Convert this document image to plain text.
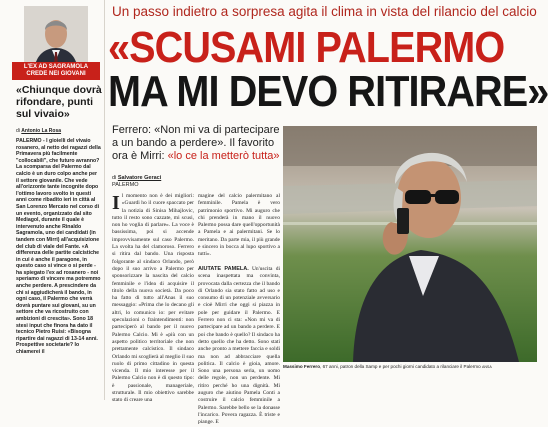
L'EX AD SAGRAMOLA
CREDE NEI GIOVANI
«Chiunque dovrà rifondare, punti sul vivaio»
di Antonio La Rosa
PALERMO - I gioielli del vivaio rosanero, al netto dei ragazzi della Primavera più facilmente "collocabili", che futuro avranno? La scomparsa del Palermo dal calcio è un duro colpo anche per il settore giovanile. Che vede all'orizzonte tante incognite dopo l'ottimo lavoro svolto in questi anni come ribadito ieri in città al San Lorenzo Mercato nel corso di un evento, organizzato dal sito Mediagol, durante il quale è intervenuto anche Rinaldo Sagramola, uno dei candidati (in tandem con Mirri) all'acquisizione del club di viale del Fante. «A differenza delle partite calcistiche in cui è anche il paragone, in questo caso si vince o si perde - ha spiegato l'ex ad rosanero - noi speriamo di vincere ma potremmo anche perdere. A prescindere da chi si aggiudicherà il bando, in ogni caso, il Palermo che verrà dovrà puntare sui giovani, su un settore che va ricostruito con ambizioni di crescita». Sono 18 stesi input che finora ha dato il tecnico Pietro Ruisi: «Bisogna ripartire dai ragazzi di 13-14 anni. Prospettive societarie? Io chiamerei il
Un passo indietro a sorpresa agita il clima in vista del rilancio del calcio
«SCUSAMI PALERMO
MA MI DEVO RITIRARE»
Ferrero: «Non mi va di partecipare a un bando a perdere». Il favorito ora è Mirri: «lo ce la metterò tutta»
Massimo Ferrero, 67 anni, patron della Samp e per pochi giorni candidato a rilanciare il Palermo ANSA
di Salvatore Geraci
PALERMO
Il momento non è dei migliori: «Guardi ho il cuore spaccato per la notizia di Sinisa Mihajlovic, tutto il resto sono cazzate, mi scusi, non ho voglia di parlare». La voce è bassissima, poi si accende improvvisamente sul caso Palermo. La svolta ha del clamoroso. Ferrero si ritira dal bando. Una risposta folgorante al sindaco Orlando, però dopo il suo arrivo a Palermo per sponsorizzare la nascita del calcio femminile e l'idea di acquisire il titolo della nuova società. Da poco ha fatto di tutto all'Anas il suo messaggio: «Prima che lo decano gli altri, lo comunico io: per evitare speculazioni o fraintendimenti: non parteciperò al bando per il nuovo Palermo Calcio. Mi è «più con un aspetto politico territoriale che non prettamente calcistico. Il sindaco Orlando mi scoglierà al meglio il suo ruolo di primo cittadino in questa vicenda. Il mio interesse per il Palermo Calcio non è di questo tipo: è passionale, manageriale, strutturale. Il mio obiettivo sarebbe stato di creare una
magine del calcio palermitano al femminile. Pamela è vero patrimonio sportivo. Mi auguro che chi prenderà in mano il nuovo Palermo possa dare quell'opportunità a Pamela e ai palermitani. Se lo meritano. Da parte mia, il più grande e sincero in bocca al lupo sportivo a tutti».

AIUTATE PAMELA. Un'uscita di scena inaspettata ma convinta, provocata dalla certezza che il bando di Orlando sia stato fatto ad uso e consumo di un potenziale avversario e cioè Mirri che oggi si piazza in pole per guidare il Palermo. E Ferrero non ci sta: «Non mi va di partecipare ad un bando a perdere. E poi che bando è quello? Il sindaco ha detto quello che ha detto. Sono stati anche pronto a mettere faccia e soldi ma non ad abbracciare quella politica. Il calcio è gioia, amore. Sono una persona seria, un uomo delle regole, non un perdente. Mi ritiro perché ho una dignità. Mi auguro che aiutino Pamela Conti a costruire il calcio femminile a Palermo. Sarebbe bello se la donasse l'incarico. Povera ragazza. È triste e piange. E
